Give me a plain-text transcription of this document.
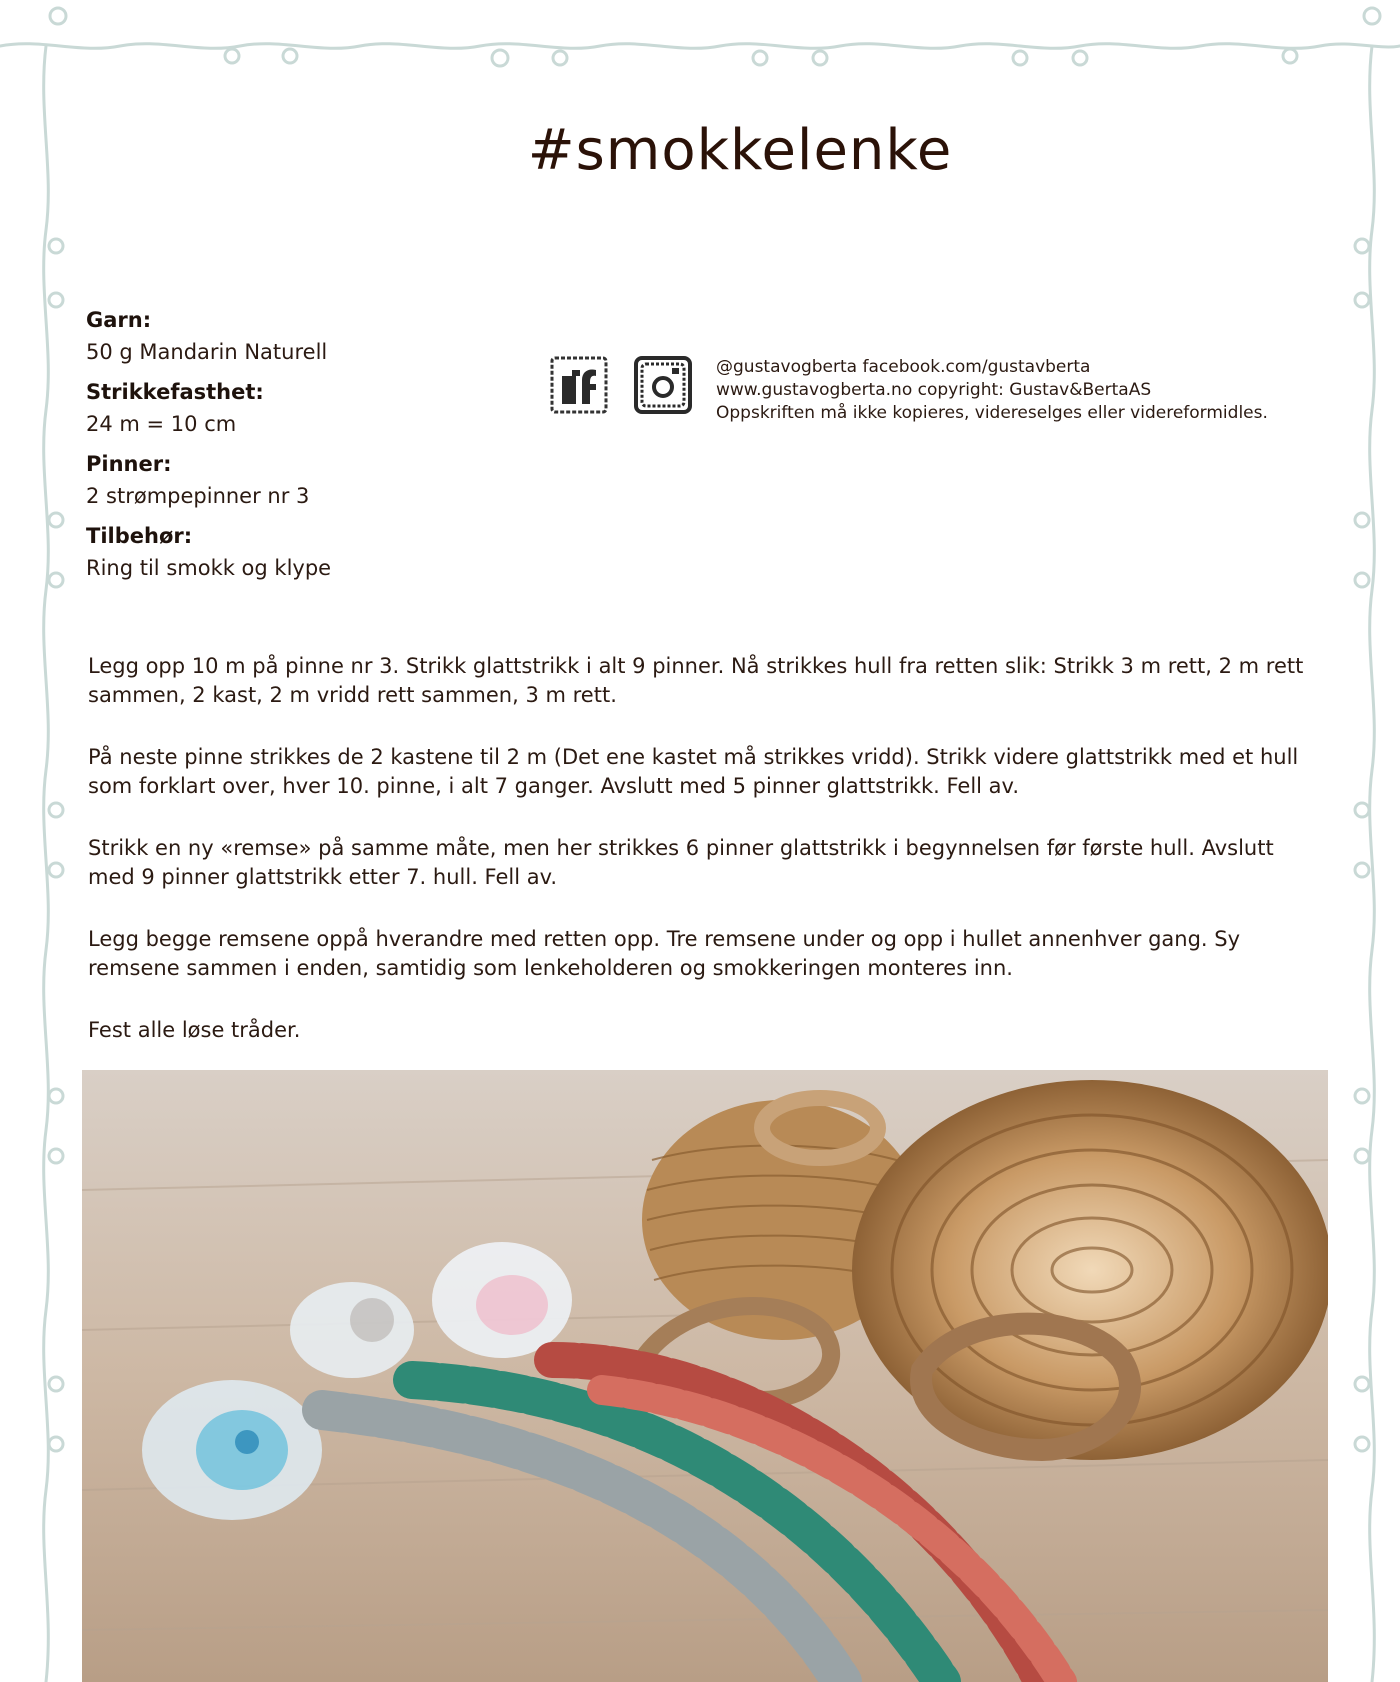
#smokkelenke
Garn:
50 g Mandarin Naturell
Strikkefasthet:
24 m = 10 cm
Pinner:
2 strømpepinner nr 3
Tilbehør:
Ring til smokk og klype
@gustavogberta facebook.com/gustavberta
www.gustavogberta.no copyright: Gustav&BertaAS
Oppskriften må ikke kopieres, videreselges eller videreformidles.

Legg opp 10 m på pinne nr 3. Strikk glattstrikk i alt 9 pinner. Nå strikkes hull fra retten slik: Strikk 3 m rett, 2 m rett sammen, 2 kast, 2 m vridd rett sammen, 3 m rett.

På neste pinne strikkes de 2 kastene til 2 m (Det ene kastet må strikkes vridd). Strikk videre glattstrikk med et hull som forklart over, hver 10. pinne, i alt 7 ganger. Avslutt med 5 pinner glattstrikk. Fell av.

Strikk en ny «remse» på samme måte, men her strikkes 6 pinner glattstrikk i begynnelsen før første hull. Avslutt med 9 pinner glattstrikk etter 7. hull. Fell av.

Legg begge remsene oppå hverandre med retten opp. Tre remsene under og opp i hullet annenhver gang. Sy remsene sammen i enden, samtidig som lenkeholderen og smokkeringen monteres inn.

Fest alle løse tråder.
